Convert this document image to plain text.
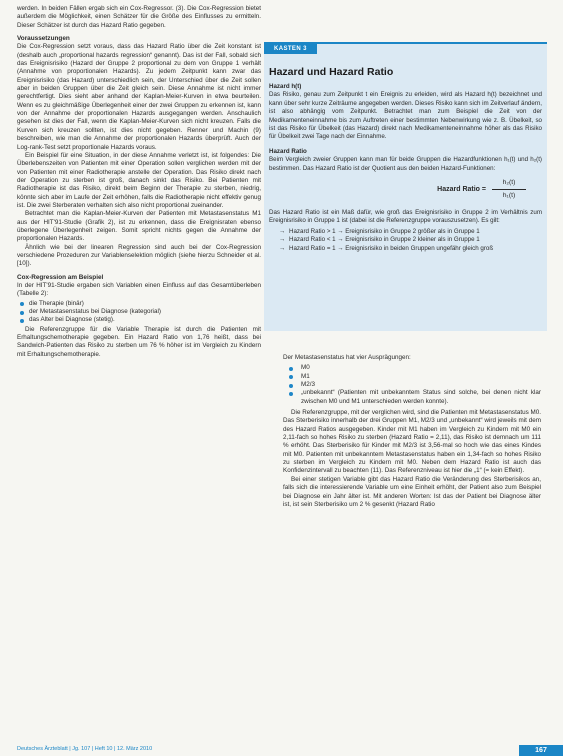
werden. In beiden Fällen ergab sich ein Cox-Regressor. (3). Die Cox-Regression bietet außerdem die Möglichkeit, einen Schätzer für die Größe des Einflusses zu ermitteln. Dieser Schätzer ist durch das Hazard Ratio gegeben.

Voraussetzungen

Die Cox-Regression setzt voraus, dass das Hazard Ratio über die Zeit konstant ist (deshalb auch „proportional hazards regression“ genannt). Das ist der Fall, sobald sich das Ereignisrisiko (Hazard der Gruppe 2 proportional zu dem von Gruppe 1 verhält (Annahme von proportionalen Hazards). Zu jedem Zeitpunkt kann zwar das Ereignisrisiko (das Hazard) unterschiedlich sein, der Unterschied über die Zeit sollen aber in beiden Gruppen über die Zeit gleich sein. Diese Annahme ist nicht immer gerechtfertigt. Dies sieht aber anhand der Kaplan-Meier-Kurven in etwa beurteilen. Wenn es zu gleichmäßige Überlegenheit einer der zwei Gruppen zu erkennen ist, kann von der Annahme der proportionalen Hazards ausgegangen werden. Anschaulich gesehen ist dies der Fall, wenn die Kaplan-Meier-Kurven sich nicht kreuzen. Falls die Kurven sich kreuzen sollten, ist dies nicht gegeben. Renner und Machin (9) beschreiben, wie man die Annahme der proportionalen Hazards überprüft. Auch der Log-rank-Test setzt proportionale Hazards voraus.

Ein Beispiel für eine Situation, in der diese Annahme verletzt ist, ist folgendes: Die Überlebenszeiten von Patienten mit einer Operation sollen verglichen werden mit der von Patienten mit einer Radiotherapie anstelle der Operation. Das Risiko direkt nach der Operation zu sterben ist groß, danach sinkt das Risiko. Bei Patienten mit Radiotherapie ist das Risiko, direkt beim Beginn der Therapie zu sterben, niedrig, könnte sich aber im Laufe der Zeit erhöhen, falls die Radiotherapie nicht effektiv genug ist. Die zwei Sterberaten verhalten sich also nicht proportional zueinander.

Betrachtet man die Kaplan-Meier-Kurven der Patienten mit Metastasenstatus M1 aus der HIT'91-Studie (Grafik 2), ist zu erkennen, dass die Ereignisraten ebenso überlegene Überlegenheit zeigen. Somit spricht nichts gegen die Annahme der proportionalen Hazards.

Ähnlich wie bei der linearen Regression sind auch bei der Cox-Regression verschiedene Prozeduren zur Variablenselektion möglich (siehe hierzu Schneider et al. [10]).

Cox-Regression am Beispiel

In der HIT'91-Studie ergaben sich Variablen einen Einfluss auf das Gesamtüberleben (Tabelle 2):

die Therapie (binär)
der Metastasenstatus bei Diagnose (kategorial)
das Alter bei Diagnose (stetig).

Die Referenzgruppe für die Variable Therapie ist durch die Patienten mit Erhaltungschemotherapie gegeben. Ein Hazard Ratio von 1,76 heißt, dass bei Sandwich-Patienten das Risiko zu sterben um 76 % höher ist im Vergleich zu Kindern mit Erhaltungschemotherapie.

KASTEN 3
Hazard und Hazard Ratio

Hazard h(t)

Das Risiko, genau zum Zeitpunkt t ein Ereignis zu erleiden, wird als Hazard h(t) bezeichnet und kann über sehr kurze Zeiträume angegeben werden. Dieses Risiko kann sich im Zeitverlauf ändern, ist also abhängig vom Zeitpunkt. Betrachtet man zum Beispiel die Zeit von der Medikamenteneinnahme bis zum Auftreten einer bestimmten Nebenwirkung wie z. B. Übelkeit, so ist das Risiko für Übelkeit (das Hazard) direkt nach Medikamenteneinnahme höher als das Risiko für Übelkeit zwei Tage nach der Einnahme.

Hazard Ratio

Beim Vergleich zweier Gruppen kann man für beide Gruppen die Hazardfunktionen h₁(t) und h₂(t) bestimmen. Das Hazard Ratio ist der Quotient aus den beiden Hazard-Funktionen:

Hazard Ratio =
h₂(t)
h₁(t)

Das Hazard Ratio ist ein Maß dafür, wie groß das Ereignisrisiko in Gruppe 2 im Verhältnis zum Ereignisrisiko in Gruppe 1 ist (dabei ist die Referenzgruppe vorauszusetzen). Es gilt:

→ Hazard Ratio > 1 → Ereignisrisiko in Gruppe 2 größer als in Gruppe 1
→ Hazard Ratio < 1 → Ereignisrisiko in Gruppe 2 kleiner als in Gruppe 1
→ Hazard Ratio = 1 → Ereignisrisiko in beiden Gruppen ungefähr gleich groß

Der Metastasenstatus hat vier Ausprägungen:

M0
M1
M2/3
„unbekannt“ (Patienten mit unbekanntem Status sind solche, bei denen nicht klar zwischen M0 und M1 unterschieden werden konnte).

Die Referenzgruppe, mit der verglichen wird, sind die Patienten mit Metastasenstatus M0. Das Sterberisiko innerhalb der drei Gruppen M1, M2/3 und „unbekannt“ wird jeweils mit dem des Hazard Ratios ausgegeben. Kinder mit M1 haben im Vergleich zu Kindern mit M0 ein 2,11-fach so hohes Risiko zu sterben (Hazard Ratio = 2,11), das Risiko ist demnach um 111 % erhöht. Das Sterberisiko für Kinder mit M2/3 ist 3,56-mal so hoch wie das eines Kindes mit M0. Patienten mit unbekanntem Metastasenstatus haben ein 1,34-fach so hohes Risiko zu sterben im Vergleich zu Kindern mit M0. Neben dem Hazard Ratio ist auch das Konfidenzintervall zu beachten (11). Das Referenzniveau ist hier die „1“ (= kein Effekt).

Bei einer stetigen Variable gibt das Hazard Ratio die Veränderung des Sterberisikos an, falls sich die interessierende Variable um eine Einheit erhöht, der Patient also zum Beispiel bei Diagnose ein Jahr älter ist. Mit anderen Worten: Ist das der Patient bei Diagnose älter ist, ist sein Sterberisiko um 2 % gesenkt (Hazard Ratio

Deutsches Ärzteblatt | Jg. 107 | Heft 10 | 12. März 2010	167
